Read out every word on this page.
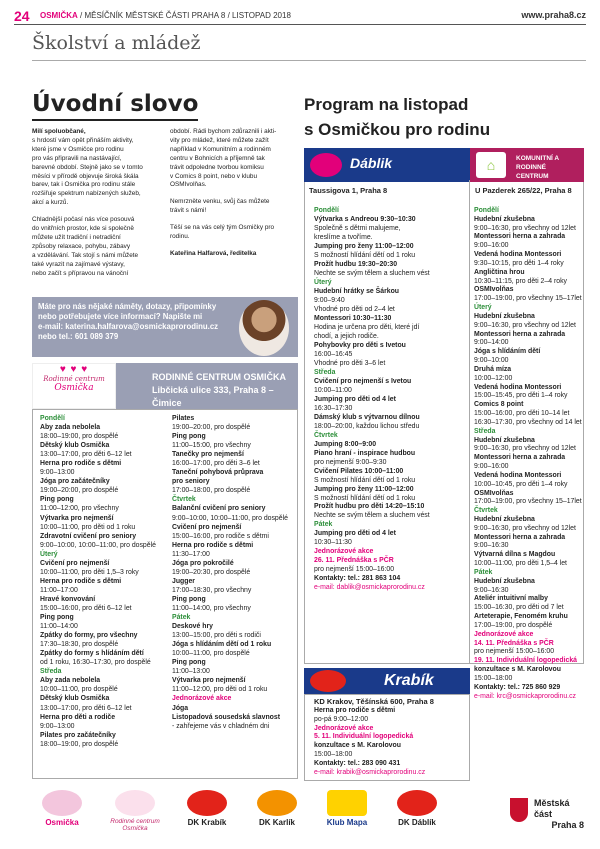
24 OSMIČKA / MĚSÍČNÍK MĚSTSKÉ ČÁSTI PRAHA 8 / LISTOPAD 2018	www.praha8.cz
Školství a mládež
Úvodní slovo
Milí spoluobčané,
s hrdostí vám opět přináším aktivity,
které jsme v Osmičce pro rodinu
pro vás připravili na nastávající,
barevné období. Stejně jako se v tomto
měsíci v přírodě objevuje široká škála
barev, tak i Osmička pro rodinu stále
rozšiřuje spektrum nabízených služeb,
akcí a kurzů.
Chladnější počasí nás více posouvá
do vnitřních prostor, kde si společně
můžete užít tradiční i netradiční
způsoby relaxace, pohybu, zábavy
a vzdělávání. Tak stojí s námi můžete
také vyrazit na zajímavé výstavy,
nebo začít s přípravou na vánoční
období. Rádi bychom zdůraznili i akti-
vity pro mládež, které můžete zažít
například v Komunitním a rodinném
centru v Bohnicích a příjemně tak
trávit odpoledne tvorbou komiksu
v Comics 8 point, nebo v klubu
OSMIvolňas.
Nemrzněte venku, svůj čas můžete
trávit s námi!
Těší se na vás celý tým Osmičky pro
rodinu.
Kateřina Halfarová, ředitelka
Máte pro nás nějaké náměty, dotazy, připomínky
nebo potřebujete více informací? Napište mi
e-mail: katerina.halfarova@osmickaprorodinu.cz
nebo tel.: 601 089 379
♥ ♥ ♥
Rodinné centrum
Osmička
RODINNÉ CENTRUM OSMIČKA
Libčická ulice 333, Praha 8 – Čimice
Pondělí
Aby zada nebolela
18:00–19:00, pro dospělé
Dětský klub Osmička
13:00–17:00, pro děti 6–12 let
Herna pro rodiče s dětmi
9:00–13:00
Jóga pro začátečníky
19:00–20:00, pro dospělé
Ping pong
11:00–12:00, pro všechny
Výtvarka pro nejmenší
10:00–11:00, pro děti od 1 roku
Zdravotní cvičení pro seniory
9:00–10:00, 10:00–11:00, pro dospělé
Úterý
Cvičení pro nejmenší
10:00–11:00, pro děti 1,5–3 roky
Herna pro rodiče s dětmi
11:00–17:00
Hravé konvování
15:00–16:00, pro děti 6–12 let
Ping pong
11:00–14:00
Zpátky do formy, pro všechny
17:30–18:30, pro dospělé
Zpátky do formy s hlídáním dětí
od 1 roku, 16:30–17:30, pro dospělé
Středa
Aby zada nebolela
10:00–11:00, pro dospělé
Dětský klub Osmička
13:00–17:00, pro děti 6–12 let
Herna pro děti a rodiče
9:00–13:00
Pilates pro začátečníky
18:00–19:00, pro dospělé
Pilates
19:00–20:00, pro dospělé
Ping pong
11:00–15:00, pro všechny
Tanečky pro nejmenší
16:00–17:00, pro děti 3–6 let
Taneční pohybová průprava
pro seniory
17:00–18:00, pro dospělé
Čtvrtek
Balanční cvičení pro seniory
9:00–10:00, 10:00–11:00, pro dospělé
Cvičení pro nejmenší
15:00–16:00, pro rodiče s dětmi
Herna pro rodiče s dětmi
11:30–17:00
Jóga pro pokročilé
19:00–20:30, pro dospělé
Jugger
17:00–18:30, pro všechny
Ping pong
11:00–14:00, pro všechny
Pátek
Deskové hry
13:00–15:00, pro děti s rodiči
Jóga s hlídáním dětí od 1 roku
10:00–11:00, pro dospělé
Ping pong
11:00–13:00
Výtvarka pro nejmenší
11:00–12:00, pro děti od 1 roku
Jednorázové akce
Jóga
Listopadová sousedská slavnost
- zahřejeme vás v chladném dni
Program na listopad
s Osmičkou pro rodinu
Dáblik	⌂	KOMUNITNÍ A RODINNÉ CENTRUM
Taussigova 1, Praha 8	U Pazderek 265/22, Praha 8
Pondělí
Výtvarka s Andreou 9:30–10:30
Společně s dětmi malujeme,
kreslíme a tvoříme.
Jumping pro ženy 11:00–12:00
S možností hlídání dětí od 1 roku
Prožít hudbu 19:30–20:30
Nechte se svým tělem a sluchem vést
Úterý
Hudební hrátky se Šárkou
9:00–9:40
Vhodné pro děti od 2–4 let
Montessori 10:30–11:30
Hodina je určena pro děti, které jdí
chodí, a jejich rodiče.
Pohybovky pro děti s Ivetou
16:00–16:45
Vhodné pro děti 3–6 let
Středa
Cvičení pro nejmenší s Ivetou
10:00–11:00
Jumping pro děti od 4 let
16:30–17:30
Dámský klub s výtvarnou dílnou
18:00–20:00, každou lichou středu
Čtvrtek
Jumping 8:00–9:00
Piano hraní - inspirace hudbou
pro nejmenší 9:00–9:30
Cvičení Pilates 10:00–11:00
S možností hlídání dětí od 1 roku
Jumping pro ženy 11:00–12:00
S možností hlídání dětí od 1 roku
Prožít hudbu pro děti 14:20–15:10
Nechte se svým tělem a sluchem vést
Pátek
Jumping pro děti od 4 let
10:30–11:30
Jednorázové akce
26. 11. Přednáška s PČR
pro nejmenší 15:00–16:00
Kontakty: tel.: 281 863 104
e-mail: dablik@osmickaprorodinu.cz
Pondělí
Hudební zkušebna
9:00–16:30, pro všechny od 12let
Montessori herna a zahrada
9:00–16:00
Vedená hodina Montessori
9:30–10:15, pro děti 1–4 roky
Angličtina hrou
10:30–11:15, pro děti 2–4 roky
OSMIvolňas
17:00–19:00, pro všechny 15–17let
Úterý
Hudební zkušebna
9:00–16:30, pro všechny od 12let
Montessori herna a zahrada
9:00–14:00
Jóga s hlídáním dětí
9:00–10:00
Druhá míza
10:00–12:00
Vedená hodina Montessori
15:00–15:45, pro děti 1–4 roky
Comics 8 point
15:00–16:00, pro děti 10–14 let
16:30–17:30, pro všechny od 14 let
Středa
Hudební zkušebna
9:00–16:30, pro všechny od 12let
Montessori herna a zahrada
9:00–16:00
Vedená hodina Montessori
10:00–10:45, pro děti 1–4 roky
OSMIvolňas
17:00–19:00, pro všechny 15–17let
Čtvrtek
Hudební zkušebna
9:00–16:30, pro všechny od 12let
Montessori herna a zahrada
9:00–16:30
Výtvarná dílna s Magdou
10:00–11:00, pro děti 1,5–4 let
Pátek
Hudební zkušebna
9:00–16:30
Ateliér intuitivní malby
15:00–16:30, pro děti od 7 let
Arteterapie, Fenomém kruhu
17:00–19:00, pro dospělé
Jednorázové akce
14. 11. Přednáška s PČR
pro nejmenší 15:00–16:00
19. 11. Individuální logopedická
konzultace s M. Karolovou
15:00–18:00
Kontakty: tel.: 725 860 929
e-mail: krc@osmickaprorodinu.cz
Krabík
KD Krakov, Těšínská 600, Praha 8
Herna pro rodiče s dětmi
po-pá 9:00–12:00
Jednorázové akce
5. 11. Individuální logopedická
konzultace s M. Karolovou
15:00–18:00
Kontakty: tel.: 283 090 431
e-mail: krabik@osmickaprorodinu.cz
Osmička	Rodinné centrum Osmička
DK Krabík	DK Karlík	Klub Mapa	DK Dáblík
Městská část
Praha 8
